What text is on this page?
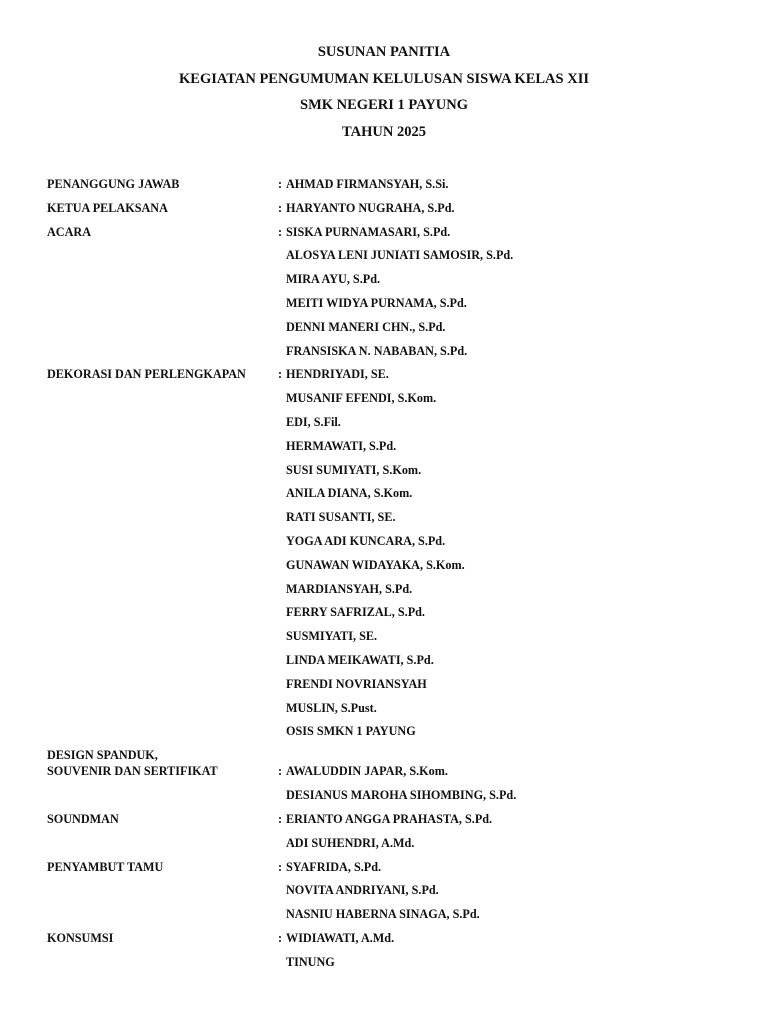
SUSUNAN PANITIA
KEGIATAN PENGUMUMAN KELULUSAN SISWA KELAS XII
SMK NEGERI 1 PAYUNG
TAHUN 2025
PENANGGUNG JAWAB	: AHMAD FIRMANSYAH, S.Si.
KETUA PELAKSANA	: HARYANTO NUGRAHA, S.Pd.
ACARA	: SISKA PURNAMASARI, S.Pd.
ALOSYA LENI JUNIATI SAMOSIR, S.Pd.
MIRA AYU, S.Pd.
MEITI WIDYA PURNAMA, S.Pd.
DENNI MANERI CHN., S.Pd.
FRANSISKA N. NABABAN, S.Pd.
DEKORASI DAN PERLENGKAPAN	: HENDRIYADI, SE.
MUSANIF EFENDI, S.Kom.
EDI, S.Fil.
HERMAWATI, S.Pd.
SUSI SUMIYATI, S.Kom.
ANILA DIANA, S.Kom.
RATI SUSANTI, SE.
YOGA ADI KUNCARA, S.Pd.
GUNAWAN WIDAYAKA, S.Kom.
MARDIANSYAH, S.Pd.
FERRY SAFRIZAL, S.Pd.
SUSMIYATI, SE.
LINDA MEIKAWATI, S.Pd.
FRENDI NOVRIANSYAH
MUSLIN, S.Pust.
OSIS SMKN 1 PAYUNG
DESIGN SPANDUK,
SOUVENIR DAN SERTIFIKAT	: AWALUDDIN JAPAR, S.Kom.
DESIANUS MAROHA SIHOMBING, S.Pd.
SOUNDMAN	: ERIANTO ANGGA PRAHASTA, S.Pd.
ADI SUHENDRI, A.Md.
PENYAMBUT TAMU	: SYAFRIDA, S.Pd.
NOVITA ANDRIYANI, S.Pd.
NASNIU HABERNA SINAGA, S.Pd.
KONSUMSI	: WIDIAWATI, A.Md.
TINUNG
